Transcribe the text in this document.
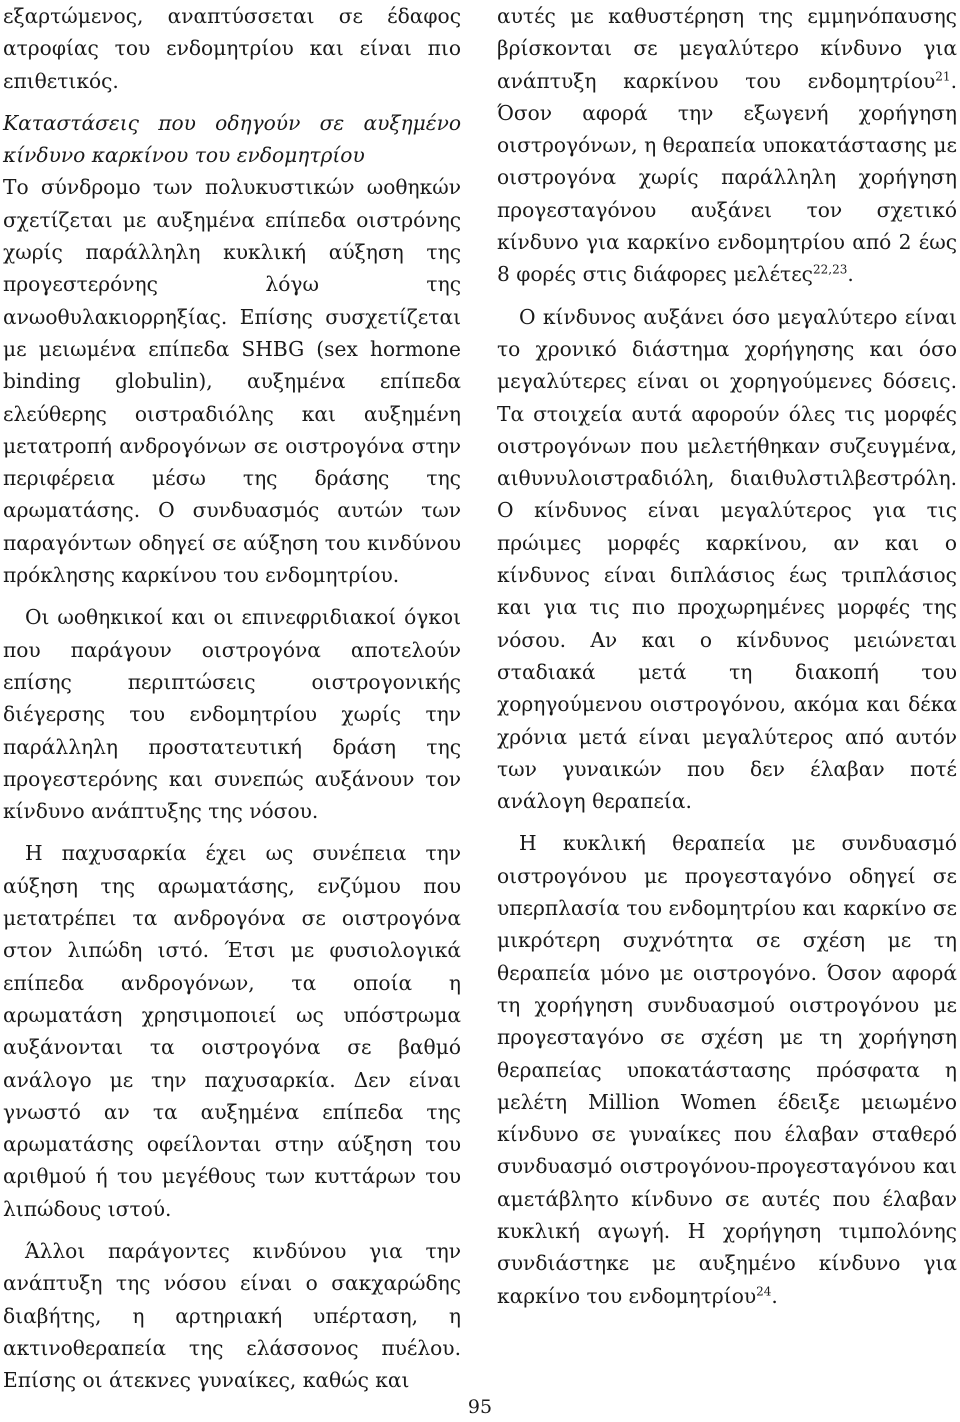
εξαρτώμενος, αναπτύσσεται σε έδαφος ατροφίας του ενδομητρίου και είναι πιο επιθετικός.

Καταστάσεις που οδηγούν σε αυξημένο κίνδυνο καρκίνου του ενδομητρίου

Το σύνδρομο των πολυκυστικών ωοθηκών σχετίζεται με αυξημένα επίπεδα οιστρόνης χωρίς παράλληλη κυκλική αύξηση της προγεστερόνης λόγω της ανωοθυλακιορρηξίας. Επίσης συσχετίζεται με μειωμένα επίπεδα SHBG (sex hormone binding globulin), αυξημένα επίπεδα ελεύθερης οιστραδιόλης και αυξημένη μετατροπή ανδρογόνων σε οιστρογόνα στην περιφέρεια μέσω της δράσης της αρωματάσης. Ο συνδυασμός αυτών των παραγόντων οδηγεί σε αύξηση του κινδύνου πρόκλησης καρκίνου του ενδομητρίου.

Οι ωοθηκικοί και οι επινεφριδιακοί όγκοι που παράγουν οιστρογόνα αποτελούν επίσης περιπτώσεις οιστρογονικής διέγερσης του ενδομητρίου χωρίς την παράλληλη προστατευτική δράση της προγεστερόνης και συνεπώς αυξάνουν τον κίνδυνο ανάπτυξης της νόσου.

Η παχυσαρκία έχει ως συνέπεια την αύξηση της αρωματάσης, ενζύμου που μετατρέπει τα ανδρογόνα σε οιστρογόνα στον λιπώδη ιστό. Έτσι με φυσιολογικά επίπεδα ανδρογόνων, τα οποία η αρωματάση χρησιμοποιεί ως υπόστρωμα αυξάνονται τα οιστρογόνα σε βαθμό ανάλογο με την παχυσαρκία. Δεν είναι γνωστό αν τα αυξημένα επίπεδα της αρωματάσης οφείλονται στην αύξηση του αριθμού ή του μεγέθους των κυττάρων του λιπώδους ιστού.

Άλλοι παράγοντες κινδύνου για την ανάπτυξη της νόσου είναι ο σακχαρώδης διαβήτης, η αρτηριακή υπέρταση, η ακτινοθεραπεία της ελάσσονος πυέλου. Επίσης οι άτεκνες γυναίκες, καθώς και

αυτές με καθυστέρηση της εμμηνόπαυσης βρίσκονται σε μεγαλύτερο κίνδυνο για ανάπτυξη καρκίνου του ενδομητρίου$^{21}$. Όσον αφορά την εξωγενή χορήγηση οιστρογόνων, η θεραπεία υποκατάστασης με οιστρογόνα χωρίς παράλληλη χορήγηση προγεσταγόνου αυξάνει τον σχετικό κίνδυνο για καρκίνο ενδομητρίου από 2 έως 8 φορές στις διάφορες μελέτες$^{22,23}$.

Ο κίνδυνος αυξάνει όσο μεγαλύτερο είναι το χρονικό διάστημα χορήγησης και όσο μεγαλύτερες είναι οι χορηγούμενες δόσεις. Τα στοιχεία αυτά αφορούν όλες τις μορφές οιστρογόνων που μελετήθηκαν συζευγμένα, αιθυνυλοιστραδιόλη, διαιθυλστιλβεστρόλη. Ο κίνδυνος είναι μεγαλύτερος για τις πρώιμες μορφές καρκίνου, αν και ο κίνδυνος είναι διπλάσιος έως τριπλάσιος και για τις πιο προχωρημένες μορφές της νόσου. Αν και ο κίνδυνος μειώνεται σταδιακά μετά τη διακοπή του χορηγούμενου οιστρογόνου, ακόμα και δέκα χρόνια μετά είναι μεγαλύτερος από αυτόν των γυναικών που δεν έλαβαν ποτέ ανάλογη θεραπεία.

Η κυκλική θεραπεία με συνδυασμό οιστρογόνου με προγεσταγόνο οδηγεί σε υπερπλασία του ενδομητρίου και καρκίνο σε μικρότερη συχνότητα σε σχέση με τη θεραπεία μόνο με οιστρογόνο. Όσον αφορά τη χορήγηση συνδυασμού οιστρογόνου με προγεσταγόνο σε σχέση με τη χορήγηση θεραπείας υποκατάστασης πρόσφατα η μελέτη Million Women έδειξε μειωμένο κίνδυνο σε γυναίκες που έλαβαν σταθερό συνδυασμό οιστρογόνου-προγεσταγόνου και αμετάβλητο κίνδυνο σε αυτές που έλαβαν κυκλική αγωγή. Η χορήγηση τιμπολόνης συνδιάστηκε με αυξημένο κίνδυνο για καρκίνο του ενδομητρίου$^{24}$.

95
